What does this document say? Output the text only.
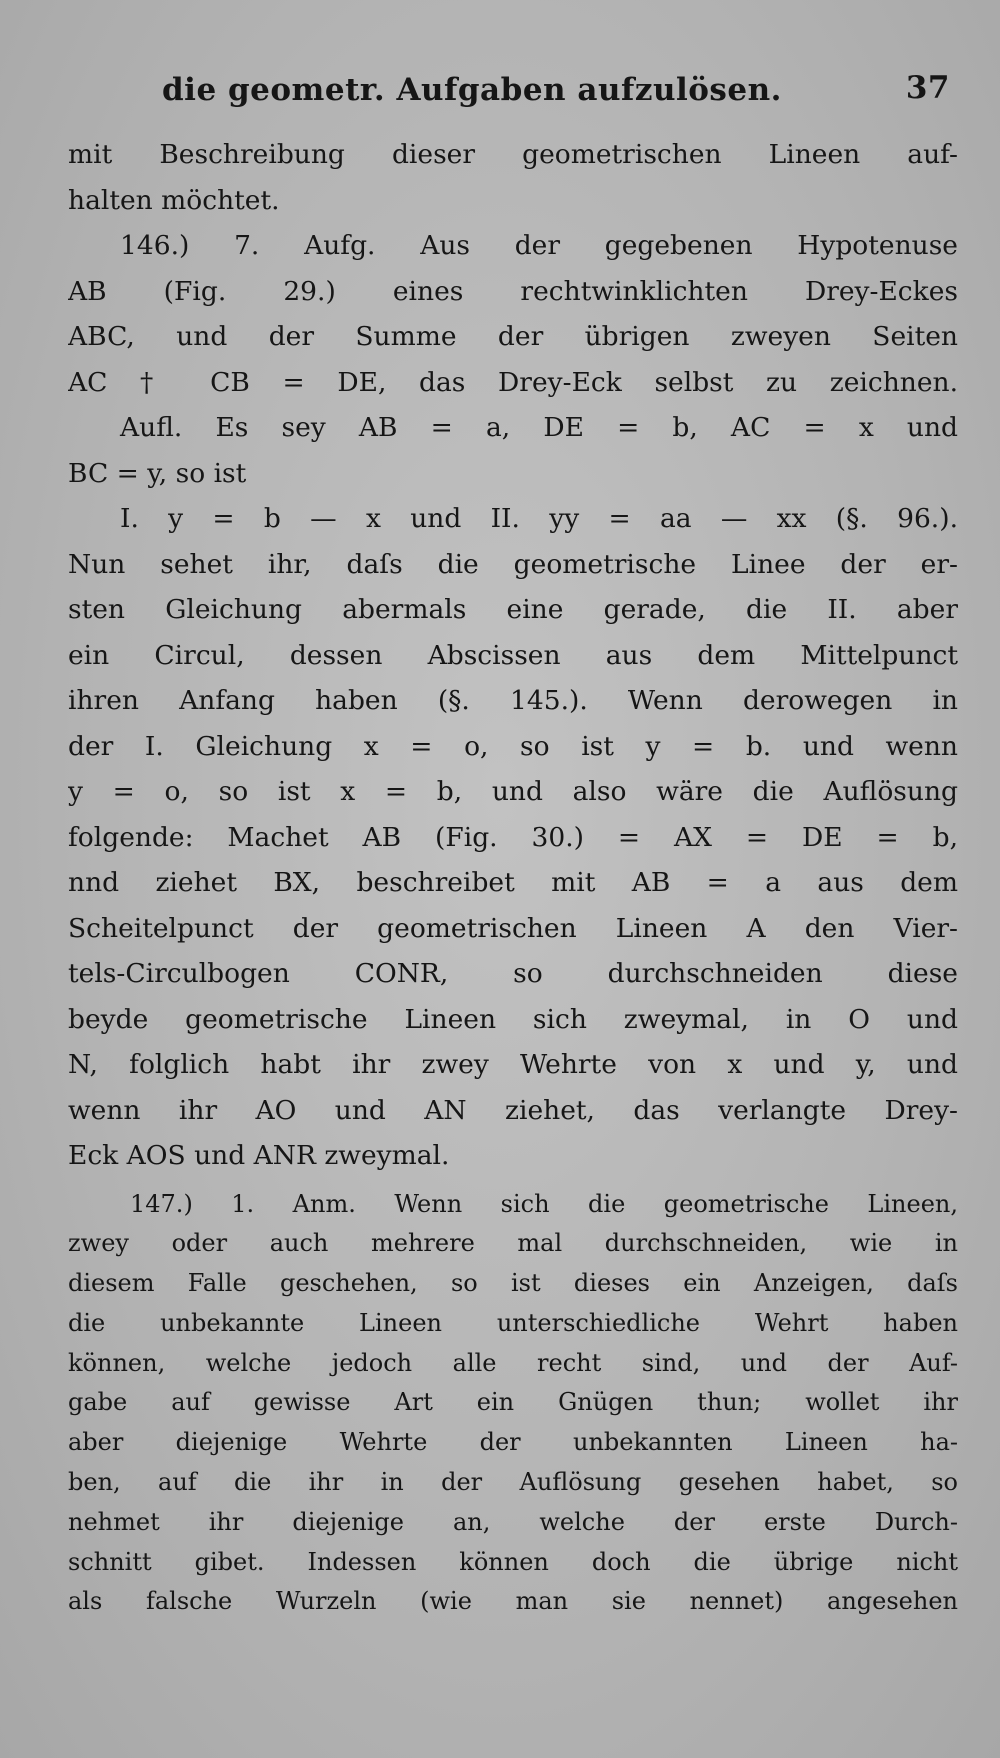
die geometr. Aufgaben aufzulösen.	37
mit Beschreibung dieser geometrischen Lineen auf-
halten möchtet.
146.) 7. Aufg. Aus der gegebenen Hypotenuse
AB (Fig. 29.) eines rechtwinklichten Drey-Eckes
ABC, und der Summe der übrigen zweyen Seiten
AC † CB = DE, das Drey-Eck selbst zu zeichnen.
Aufl. Es sey AB = a, DE = b, AC = x und
BC = y, so ist
I. y = b — x und II. yy = aa — xx (§. 96.).
Nun sehet ihr, daſs die geometrische Linee der er-
sten Gleichung abermals eine gerade, die II. aber
ein Circul, dessen Abscissen aus dem Mittelpunct
ihren Anfang haben (§. 145.). Wenn derowegen in
der I. Gleichung x = o, so ist y = b. und wenn
y = o, so ist x = b, und also wäre die Auflösung
folgende: Machet AB (Fig. 30.) = AX = DE = b,
nnd ziehet BX, beschreibet mit AB = a aus dem
Scheitelpunct der geometrischen Lineen A den Vier-
tels-Circulbogen CONR, so durchschneiden diese
beyde geometrische Lineen sich zweymal, in O und
N, folglich habt ihr zwey Wehrte von x und y, und
wenn ihr AO und AN ziehet, das verlangte Drey-
Eck AOS und ANR zweymal.
147.) 1. Anm. Wenn sich die geometrische Lineen,
zwey oder auch mehrere mal durchschneiden, wie in
diesem Falle geschehen, so ist dieses ein Anzeigen, daſs
die unbekannte Lineen unterschiedliche Wehrt haben
können, welche jedoch alle recht sind, und der Auf-
gabe auf gewisse Art ein Gnügen thun; wollet ihr
aber diejenige Wehrte der unbekannten Lineen ha-
ben, auf die ihr in der Auflösung gesehen habet, so
nehmet ihr diejenige an, welche der erste Durch-
schnitt gibet. Indessen können doch die übrige nicht
als falsche Wurzeln (wie man sie nennet) angesehen
